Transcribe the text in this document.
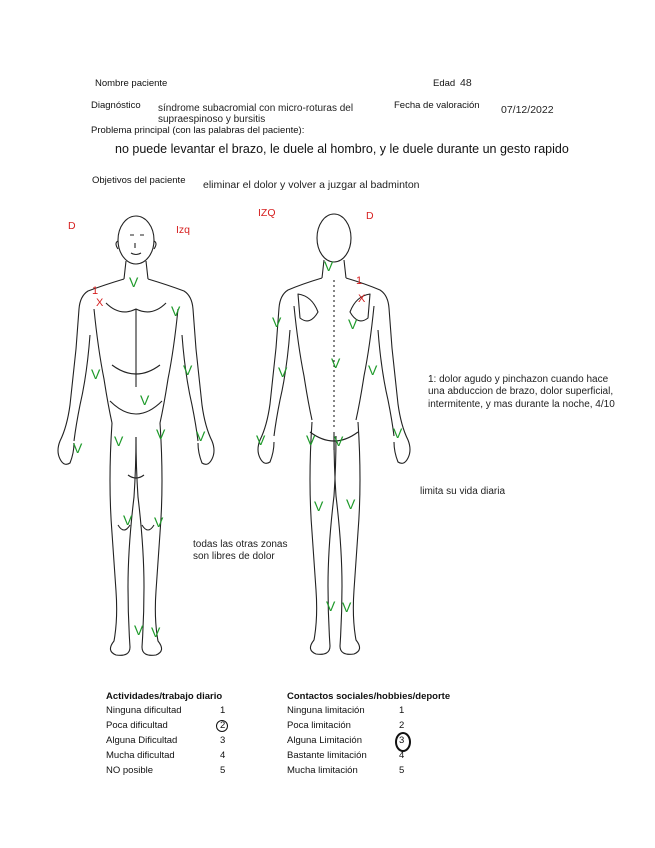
Nombre paciente	Edad 48
Diagnóstico síndrome subacromial con micro-roturas del
supraespinoso y bursitis
Fecha de valoración 07/12/2022
Problema principal (con las palabras del paciente):
no puede levantar el brazo, le duele al hombro, y le duele durante un gesto rapido
Objetivos del paciente eliminar el dolor y volver a juzgar al badminton
D	Izq
IZQ	D
1
X
1
X
V
V
V	V
V
V
V	V
V
V V
V V
V
V	V
V
V V
V V
V	V
V V
V V
1: dolor agudo y pinchazon cuando hace
una abduccion de brazo, dolor superficial,
intermitente, y mas durante la noche, 4/10
limita su vida diaria
todas las otras zonas
son libres de dolor
Actividades/trabajo diario
Ninguna dificultad	1
Poca dificultad	2
Alguna Dificultad	3
Mucha dificultad	4
NO posible	5
Contactos sociales/hobbies/deporte
Ninguna limitación	1
Poca limitación	2
Alguna Limitación	3
Bastante limitación	4
Mucha limitación	5
